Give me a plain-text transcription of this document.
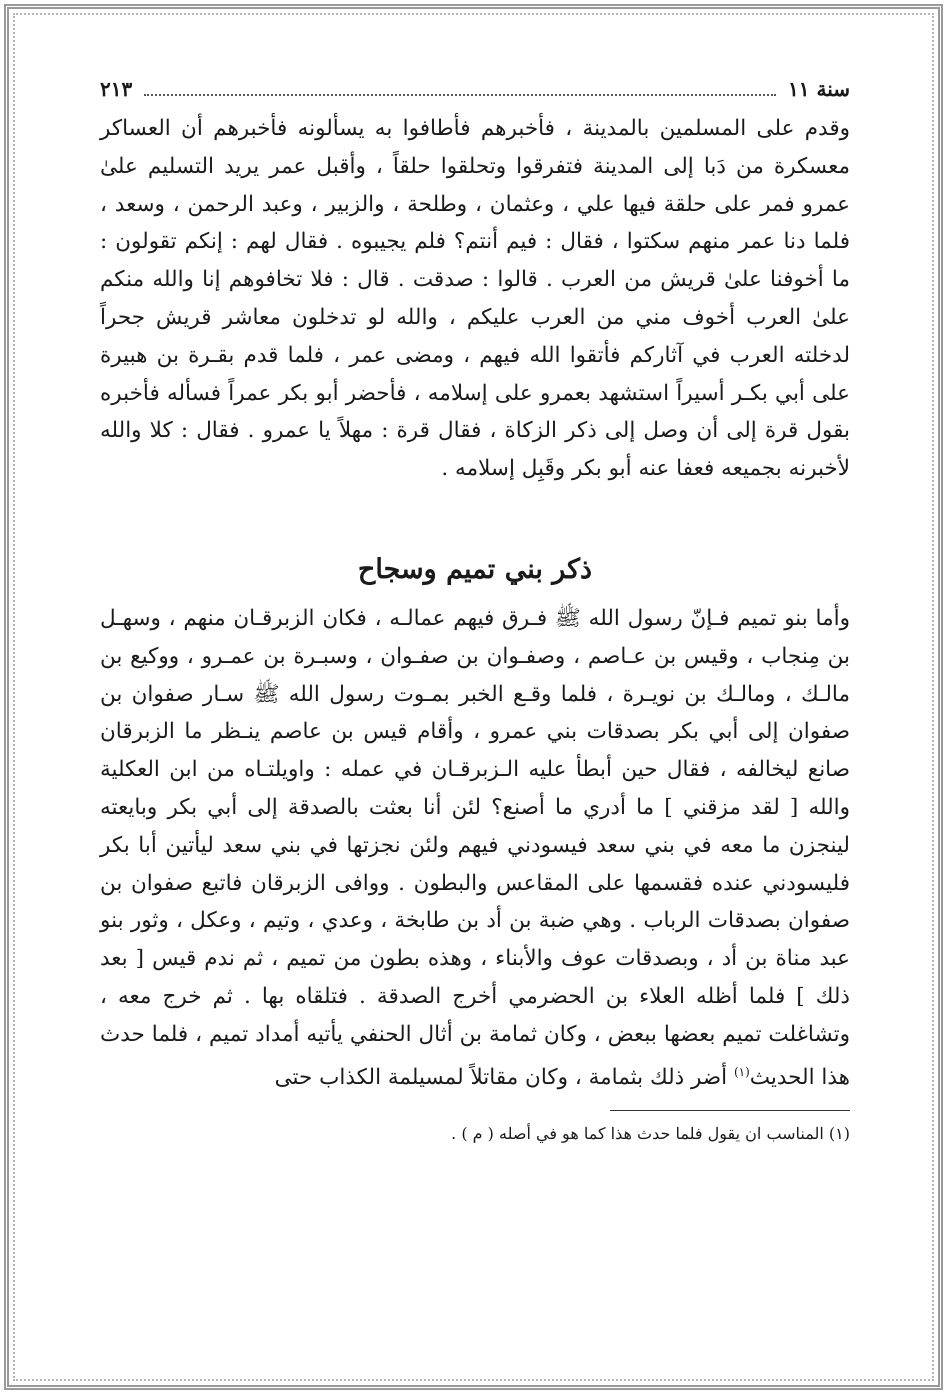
سنة ١١
٢١٣

وقدم على المسلمين بالمدينة ، فأخبرهم فأطافوا به يسألونه فأخبرهم أن العساكر معسكرة من دَبا إلى المدينة فتفرقوا وتحلقوا حلقاً ، وأقبل عمر يريد التسليم علىٰ عمرو فمر على حلقة فيها علي ، وعثمان ، وطلحة ، والزبير ، وعبد الرحمن ، وسعد ، فلما دنا عمر منهم سكتوا ، فقال : فيم أنتم؟ فلم يجيبوه . فقال لهم : إنكم تقولون : ما أخوفنا علىٰ قريش من العرب . قالوا : صدقت . قال : فلا تخافوهم إنا والله منكم علىٰ العرب أخوف مني من العرب عليكم ، والله لو تدخلون معاشر قريش جحراً لدخلته العرب في آثاركم فأتقوا الله فيهم ، ومضى عمر ، فلما قدم بقـرة بن هبيرة على أبي بكـر أسيراً استشهد بعمرو على إسلامه ، فأحضر أبو بكر عمراً فسأله فأخبره بقول قرة إلى أن وصل إلى ذكر الزكاة ، فقال قرة : مهلاً يا عمرو . فقال : كلا والله لأخبرنه بجميعه فعفا عنه أبو بكر وقَبِل إسلامه .

ذكر بني تميم وسجاح

وأما بنو تميم فـإنّ رسول الله ﷺ فـرق فيهم عمالـه ، فكان الزبرقـان منهم ، وسهـل بن مِنجاب ، وقيس بن عـاصم ، وصفـوان بن صفـوان ، وسبـرة بن عمـرو ، ووكيع بن مالـك ، ومالـك بن نويـرة ، فلما وقـع الخبر بمـوت رسول الله ﷺ سـار صفوان بن صفوان إلى أبي بكر بصدقات بني عمرو ، وأقام قيس بن عاصم ينـظر ما الزبرقان صانع ليخالفه ، فقال حين أبطأ عليه الـزبرقـان في عمله : واويلتـاه من ابن العكلية والله [ لقد مزقني ] ما أدري ما أصنع؟ لئن أنا بعثت بالصدقة إلى أبي بكر وبايعته لينجزن ما معه في بني سعد فيسودني فيهم ولئن نجزتها في بني سعد ليأتين أبا بكر فليسودني عنده فقسمها على المقاعس والبطون . ووافى الزبرقان فاتبع صفوان بن صفوان بصدقات الرباب . وهي ضبة بن أد بن طابخة ، وعدي ، وتيم ، وعكل ، وثور بنو عبد مناة بن أد ، وبصدقات عوف والأبناء ، وهذه بطون من تميم ، ثم ندم قيس [ بعد ذلك ] فلما أظله العلاء بن الحضرمي أخرج الصدقة . فتلقاه بها . ثم خرج معه ، وتشاغلت تميم بعضها ببعض ، وكان ثمامة بن أثال الحنفي يأتيه أمداد تميم ، فلما حدث هذا الحديث$^{(١)}$ أضر ذلك بثمامة ، وكان مقاتلاً لمسيلمة الكذاب حتى

(١) المناسب ان يقول فلما حدث هذا كما هو في أصله ( م ) .
